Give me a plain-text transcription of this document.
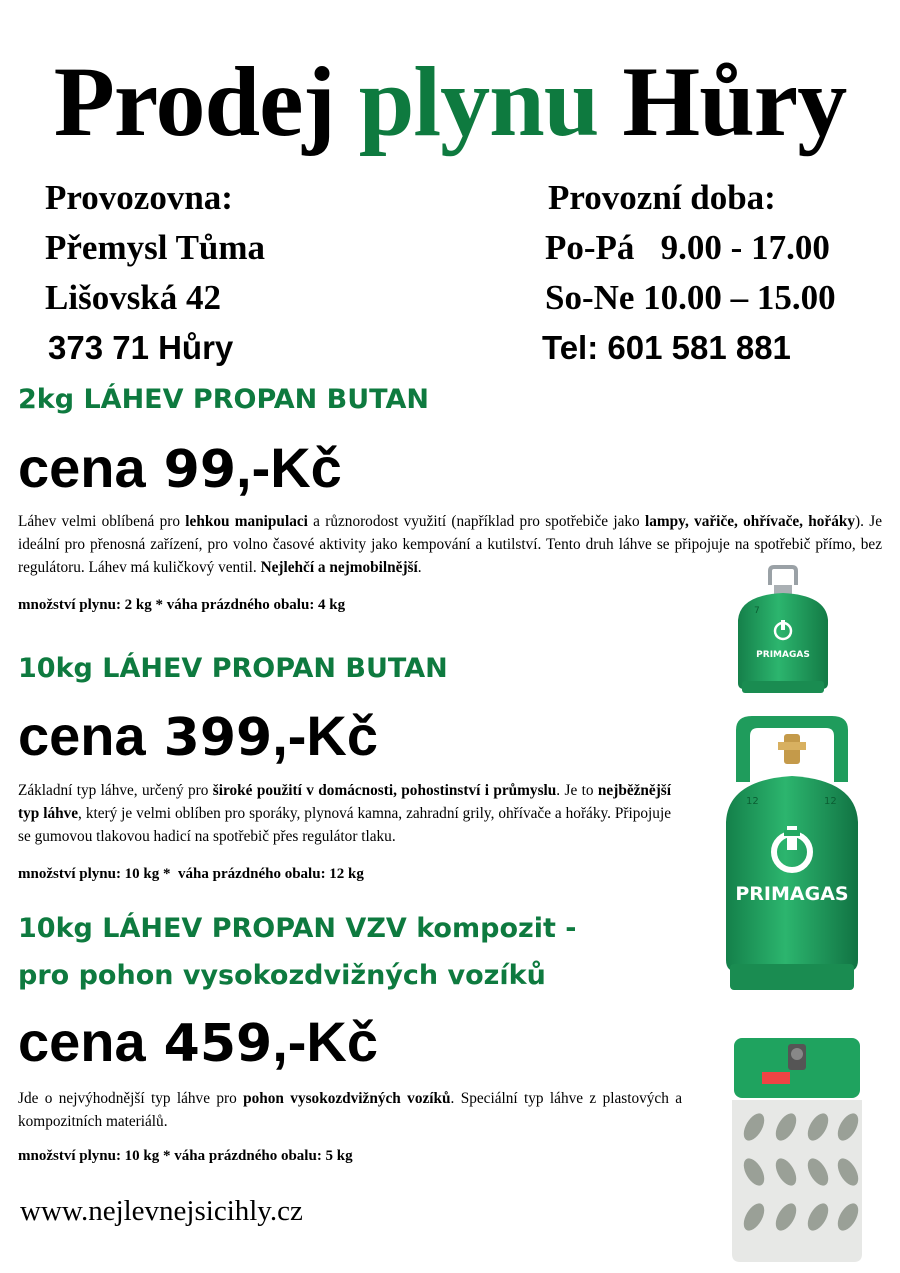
Prodej plynu Hůry
Provozovna:
Přemysl Tůma
Lišovská 42
373 71 Hůry
Provozní doba:
Po-Pá   9.00 - 17.00
So-Ne 10.00 – 15.00
Tel: 601 581 881
2kg LÁHEV PROPAN BUTAN
cena 99,-Kč
Láhev velmi oblíbená pro lehkou manipulaci a různorodost využití (například pro spotřebiče jako lampy, vařiče, ohřívače, hořáky). Je ideální pro přenosná zařízení, pro volno časové aktivity jako kempování a kutilství. Tento druh láhve se připojuje na spotřebič přímo, bez regulátoru. Láhev má kuličkový ventil. Nejlehčí a nejmobilnější.
množství plynu: 2 kg * váha prázdného obalu: 4 kg
10kg LÁHEV PROPAN BUTAN
cena 399,-Kč
Základní typ láhve, určený pro široké použití v domácnosti, pohostinství i průmyslu. Je to nejběžnější typ láhve, který je velmi oblíben pro sporáky, plynová kamna, zahradní grily, ohřívače a hořáky. Připojuje se gumovou tlakovou hadicí na spotřebič přes regulátor tlaku.
množství plynu: 10 kg *  váha prázdného obalu: 12 kg
10kg LÁHEV PROPAN VZV kompozit -
pro pohon vysokozdvižných vozíků
cena 459,-Kč
Jde o nejvýhodnější typ láhve pro pohon vysokozdvižných vozíků. Speciální typ láhve z plastových a kompozitních materiálů.
množství plynu: 10 kg * váha prázdného obalu: 5 kg
www.nejlevnejsicihly.cz
7
PRIMAGAS
12	12
PRIMAGAS
